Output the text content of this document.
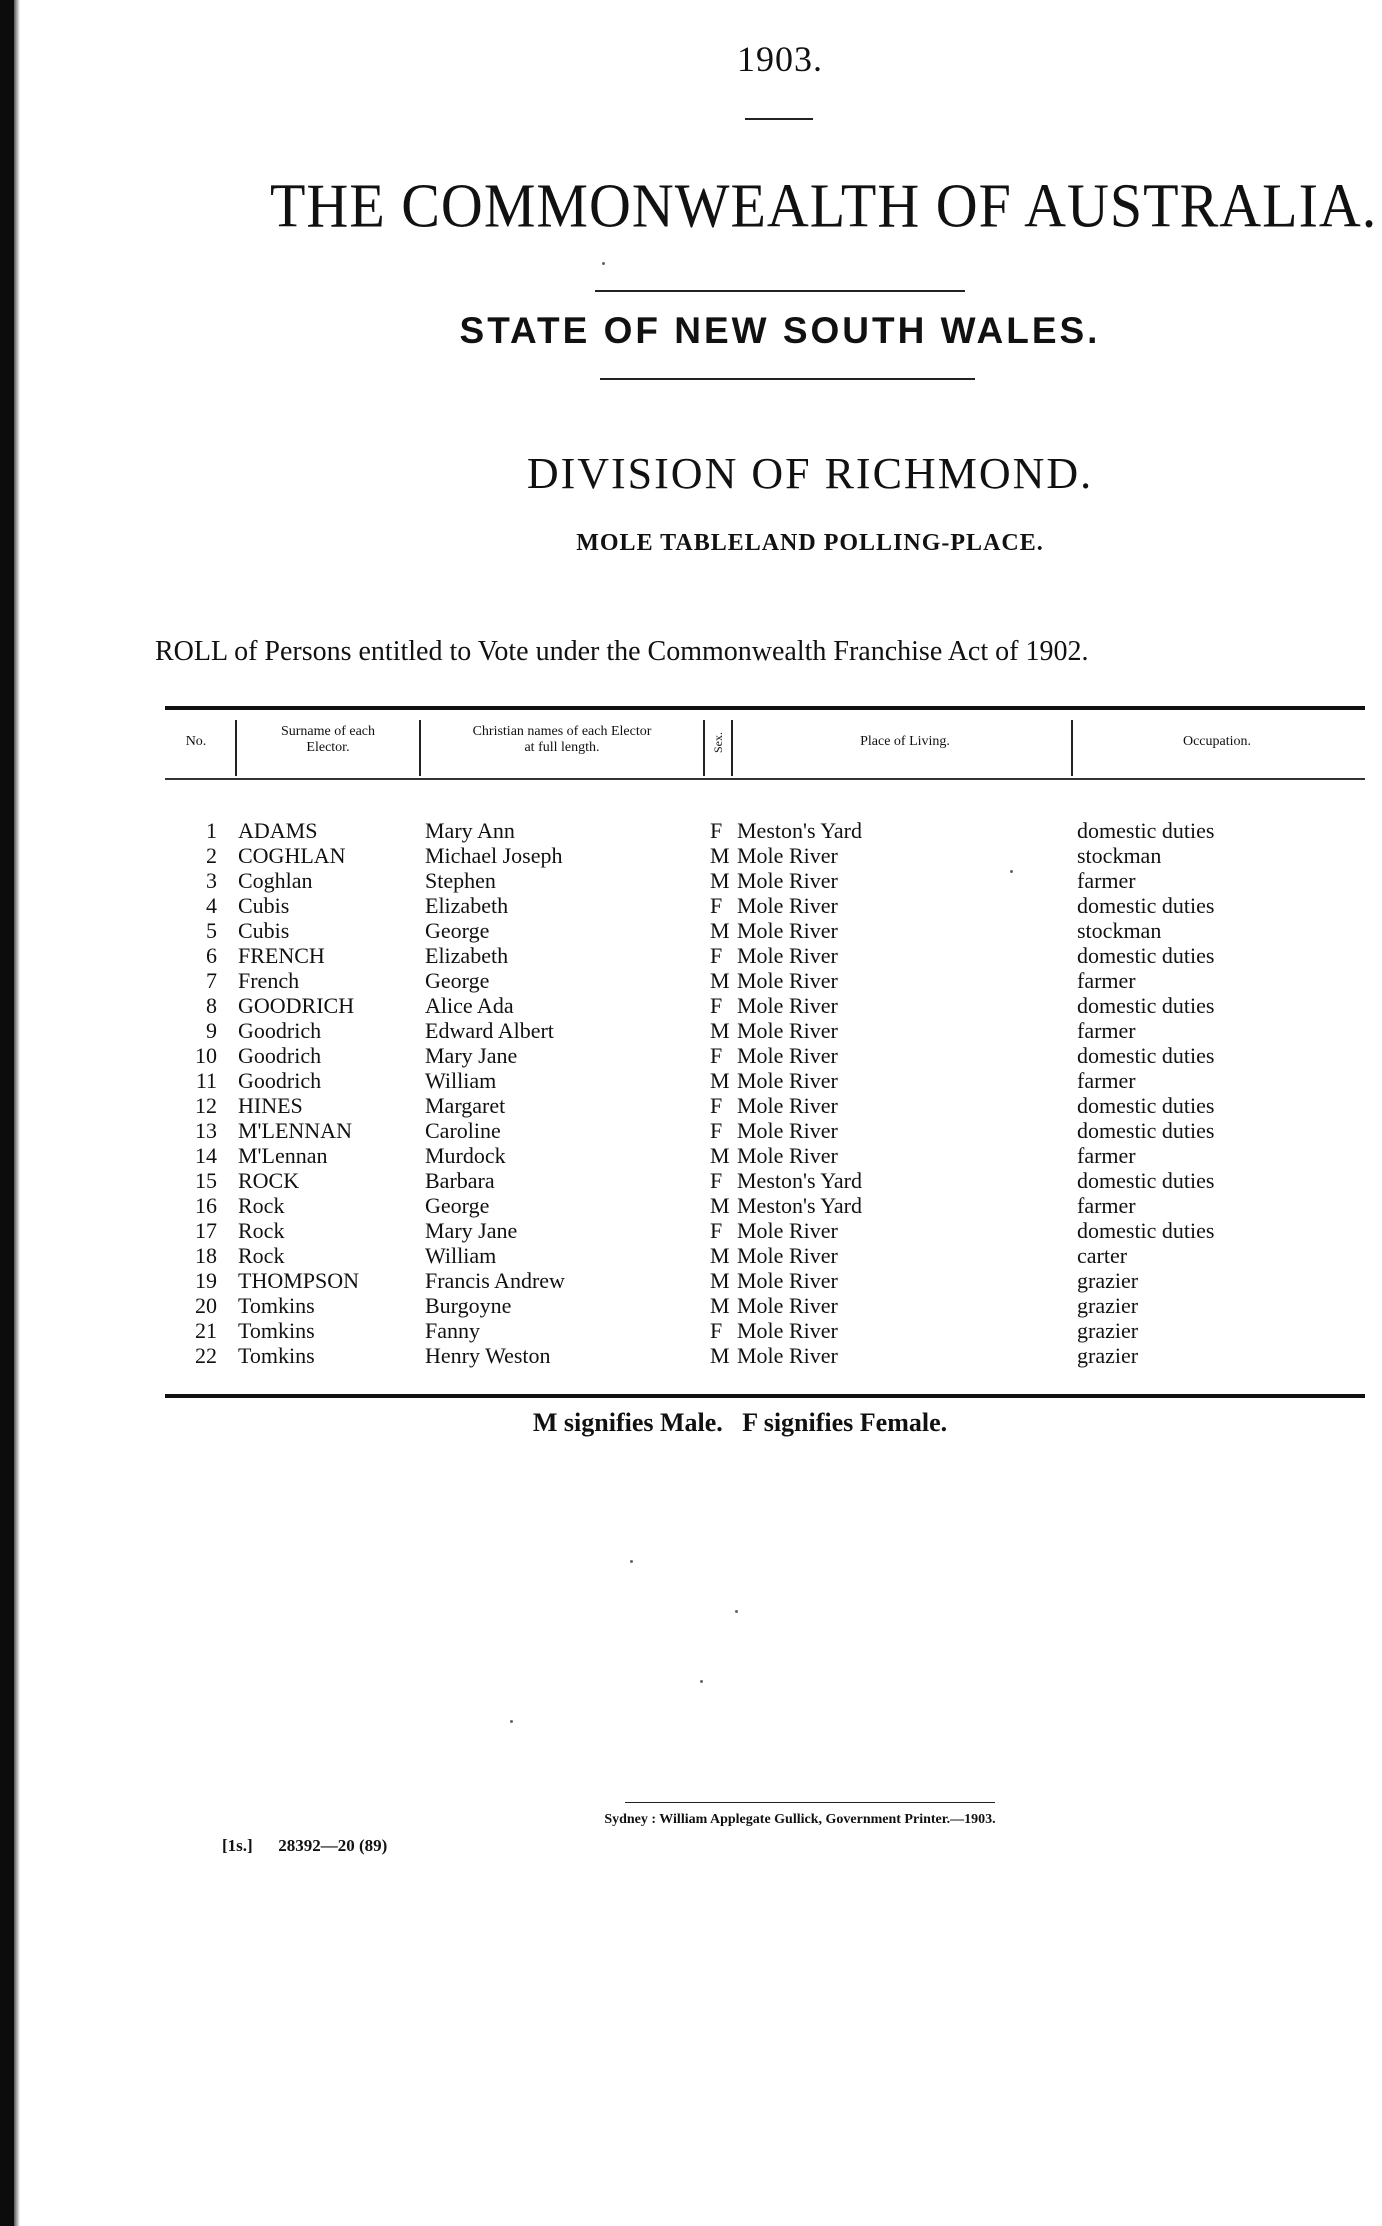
1903.
THE COMMONWEALTH OF AUSTRALIA.
STATE OF NEW SOUTH WALES.
DIVISION OF RICHMOND.
MOLE TABLELAND POLLING-PLACE.
ROLL of Persons entitled to Vote under the Commonwealth Franchise Act of 1902.
No.
Surname of each Elector.
Christian names of each Elector at full length.	Sex.	Place of Living.	Occupation.
1 ADAMS	Mary Ann	F Meston's Yard	domestic duties
2 COGHLAN	Michael Joseph	M Mole River	stockman
3 Coghlan	Stephen	M Mole River	farmer
4 Cubis	Elizabeth	F Mole River	domestic duties
5 Cubis	George	M Mole River	stockman
6 FRENCH	Elizabeth	F Mole River	domestic duties
7 French	George	M Mole River	farmer
8 GOODRICH	Alice Ada	F Mole River	domestic duties
9 Goodrich	Edward Albert	M Mole River	farmer
10 Goodrich	Mary Jane	F Mole River	domestic duties
11 Goodrich	William	M Mole River	farmer
12 HINES	Margaret	F Mole River	domestic duties
13 M'LENNAN	Caroline	F Mole River	domestic duties
14 M'Lennan	Murdock	M Mole River	farmer
15 ROCK	Barbara	F Meston's Yard	domestic duties
16 Rock	George	M Meston's Yard	farmer
17 Rock	Mary Jane	F Mole River	domestic duties
18 Rock	William	M Mole River	carter
19 THOMPSON	Francis Andrew	M Mole River	grazier
20 Tomkins	Burgoyne	M Mole River	grazier
21 Tomkins	Fanny	F Mole River	grazier
22 Tomkins	Henry Weston	M Mole River	grazier
M signifies Male.   F signifies Female.
Sydney : William Applegate Gullick, Government Printer.—1903.
[1s.]      28392—20 (89)
